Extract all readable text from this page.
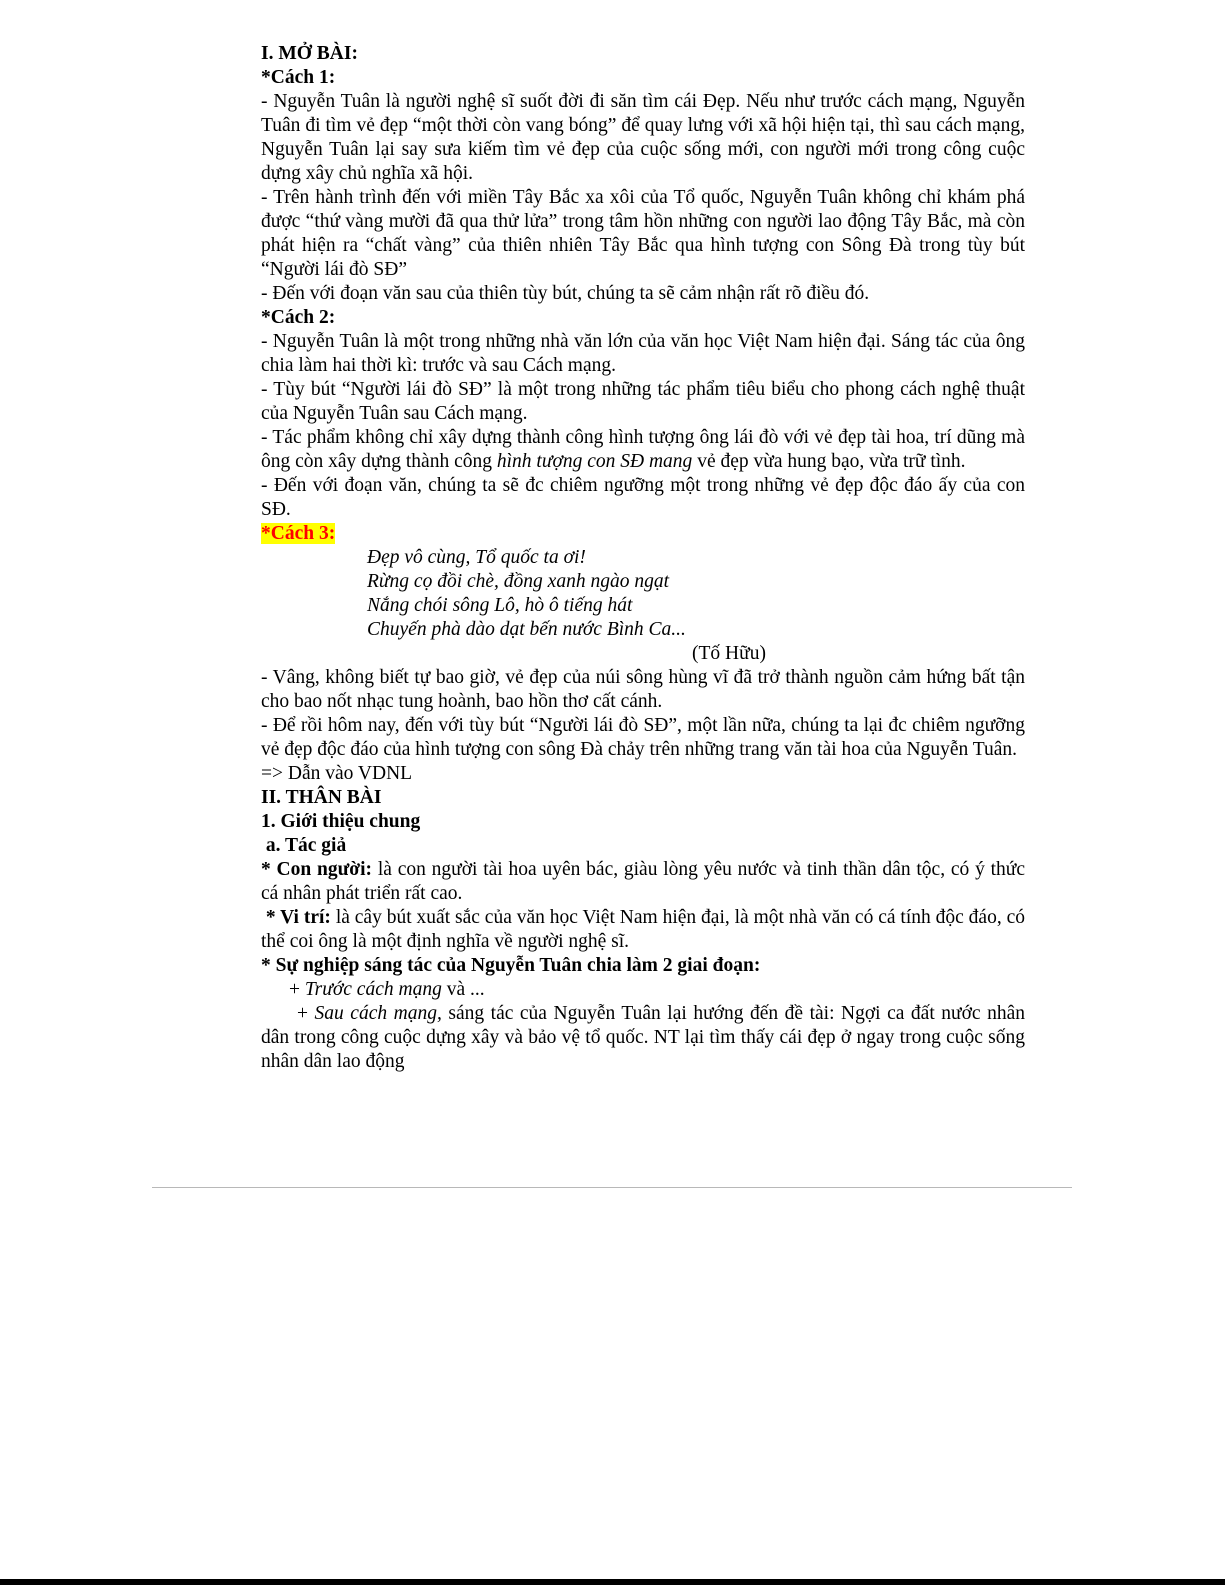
I. MỞ BÀI:

*Cách 1:

- Nguyễn Tuân là người nghệ sĩ suốt đời đi săn tìm cái Đẹp. Nếu như trước cách mạng, Nguyễn Tuân đi tìm vẻ đẹp “một thời còn vang bóng” để quay lưng với xã hội hiện tại, thì sau cách mạng, Nguyễn Tuân lại say sưa kiếm tìm vẻ đẹp của cuộc sống mới, con người mới trong công cuộc dựng xây chủ nghĩa xã hội.

- Trên hành trình đến với miền Tây Bắc xa xôi của Tổ quốc, Nguyễn Tuân không chỉ khám phá được “thứ vàng mười đã qua thử lửa” trong tâm hồn những con người lao động Tây Bắc, mà còn phát hiện ra “chất vàng” của thiên nhiên Tây Bắc qua hình tượng con Sông Đà trong tùy bút “Người lái đò SĐ”

- Đến với đoạn văn sau của thiên tùy bút, chúng ta sẽ cảm nhận rất rõ điều đó.

*Cách 2:

- Nguyễn Tuân là một trong những nhà văn lớn của văn học Việt Nam hiện đại. Sáng tác của ông chia làm hai thời kì: trước và sau Cách mạng.

- Tùy bút “Người lái đò SĐ” là một trong những tác phẩm tiêu biểu cho phong cách nghệ thuật của Nguyễn Tuân sau Cách mạng.

- Tác phẩm không chỉ xây dựng thành công hình tượng ông lái đò với vẻ đẹp tài hoa, trí dũng mà ông còn xây dựng thành công hình tượng con SĐ mang vẻ đẹp vừa hung bạo, vừa trữ tình.

- Đến với đoạn văn, chúng ta sẽ đc chiêm ngưỡng một trong những vẻ đẹp độc đáo ấy của con SĐ.

*Cách 3:

Đẹp vô cùng, Tổ quốc ta ơi!

Rừng cọ đồi chè, đồng xanh ngào ngạt

Nắng chói sông Lô, hò ô tiếng hát

Chuyến phà dào dạt bến nước Bình Ca...

(Tố Hữu)

- Vâng, không biết tự bao giờ, vẻ đẹp của núi sông hùng vĩ đã trở thành nguồn cảm hứng bất tận cho bao nốt nhạc tung hoành, bao hồn thơ cất cánh.

- Để rồi hôm nay, đến với tùy bút “Người lái đò SĐ”, một lần nữa, chúng ta lại đc chiêm ngưỡng vẻ đẹp độc đáo của hình tượng con sông Đà chảy trên những trang văn tài hoa của Nguyễn Tuân.

=> Dẫn vào VDNL

II. THÂN BÀI

1. Giới thiệu chung

a. Tác giả

* Con người: là con người tài hoa uyên bác, giàu lòng yêu nước và tinh thần dân tộc, có ý thức cá nhân phát triển rất cao.

* Vi trí: là cây bút xuất sắc của văn học Việt Nam hiện đại, là một nhà văn có cá tính độc đáo, có thể coi ông là một định nghĩa về người nghệ sĩ.

* Sự nghiệp sáng tác của Nguyễn Tuân chia làm 2 giai đoạn:

+ Trước cách mạng và ...

+ Sau cách mạng, sáng tác của Nguyễn Tuân lại hướng đến đề tài: Ngợi ca đất nước nhân dân trong công cuộc dựng xây và bảo vệ tổ quốc. NT lại tìm thấy cái đẹp ở ngay trong cuộc sống nhân dân lao động
